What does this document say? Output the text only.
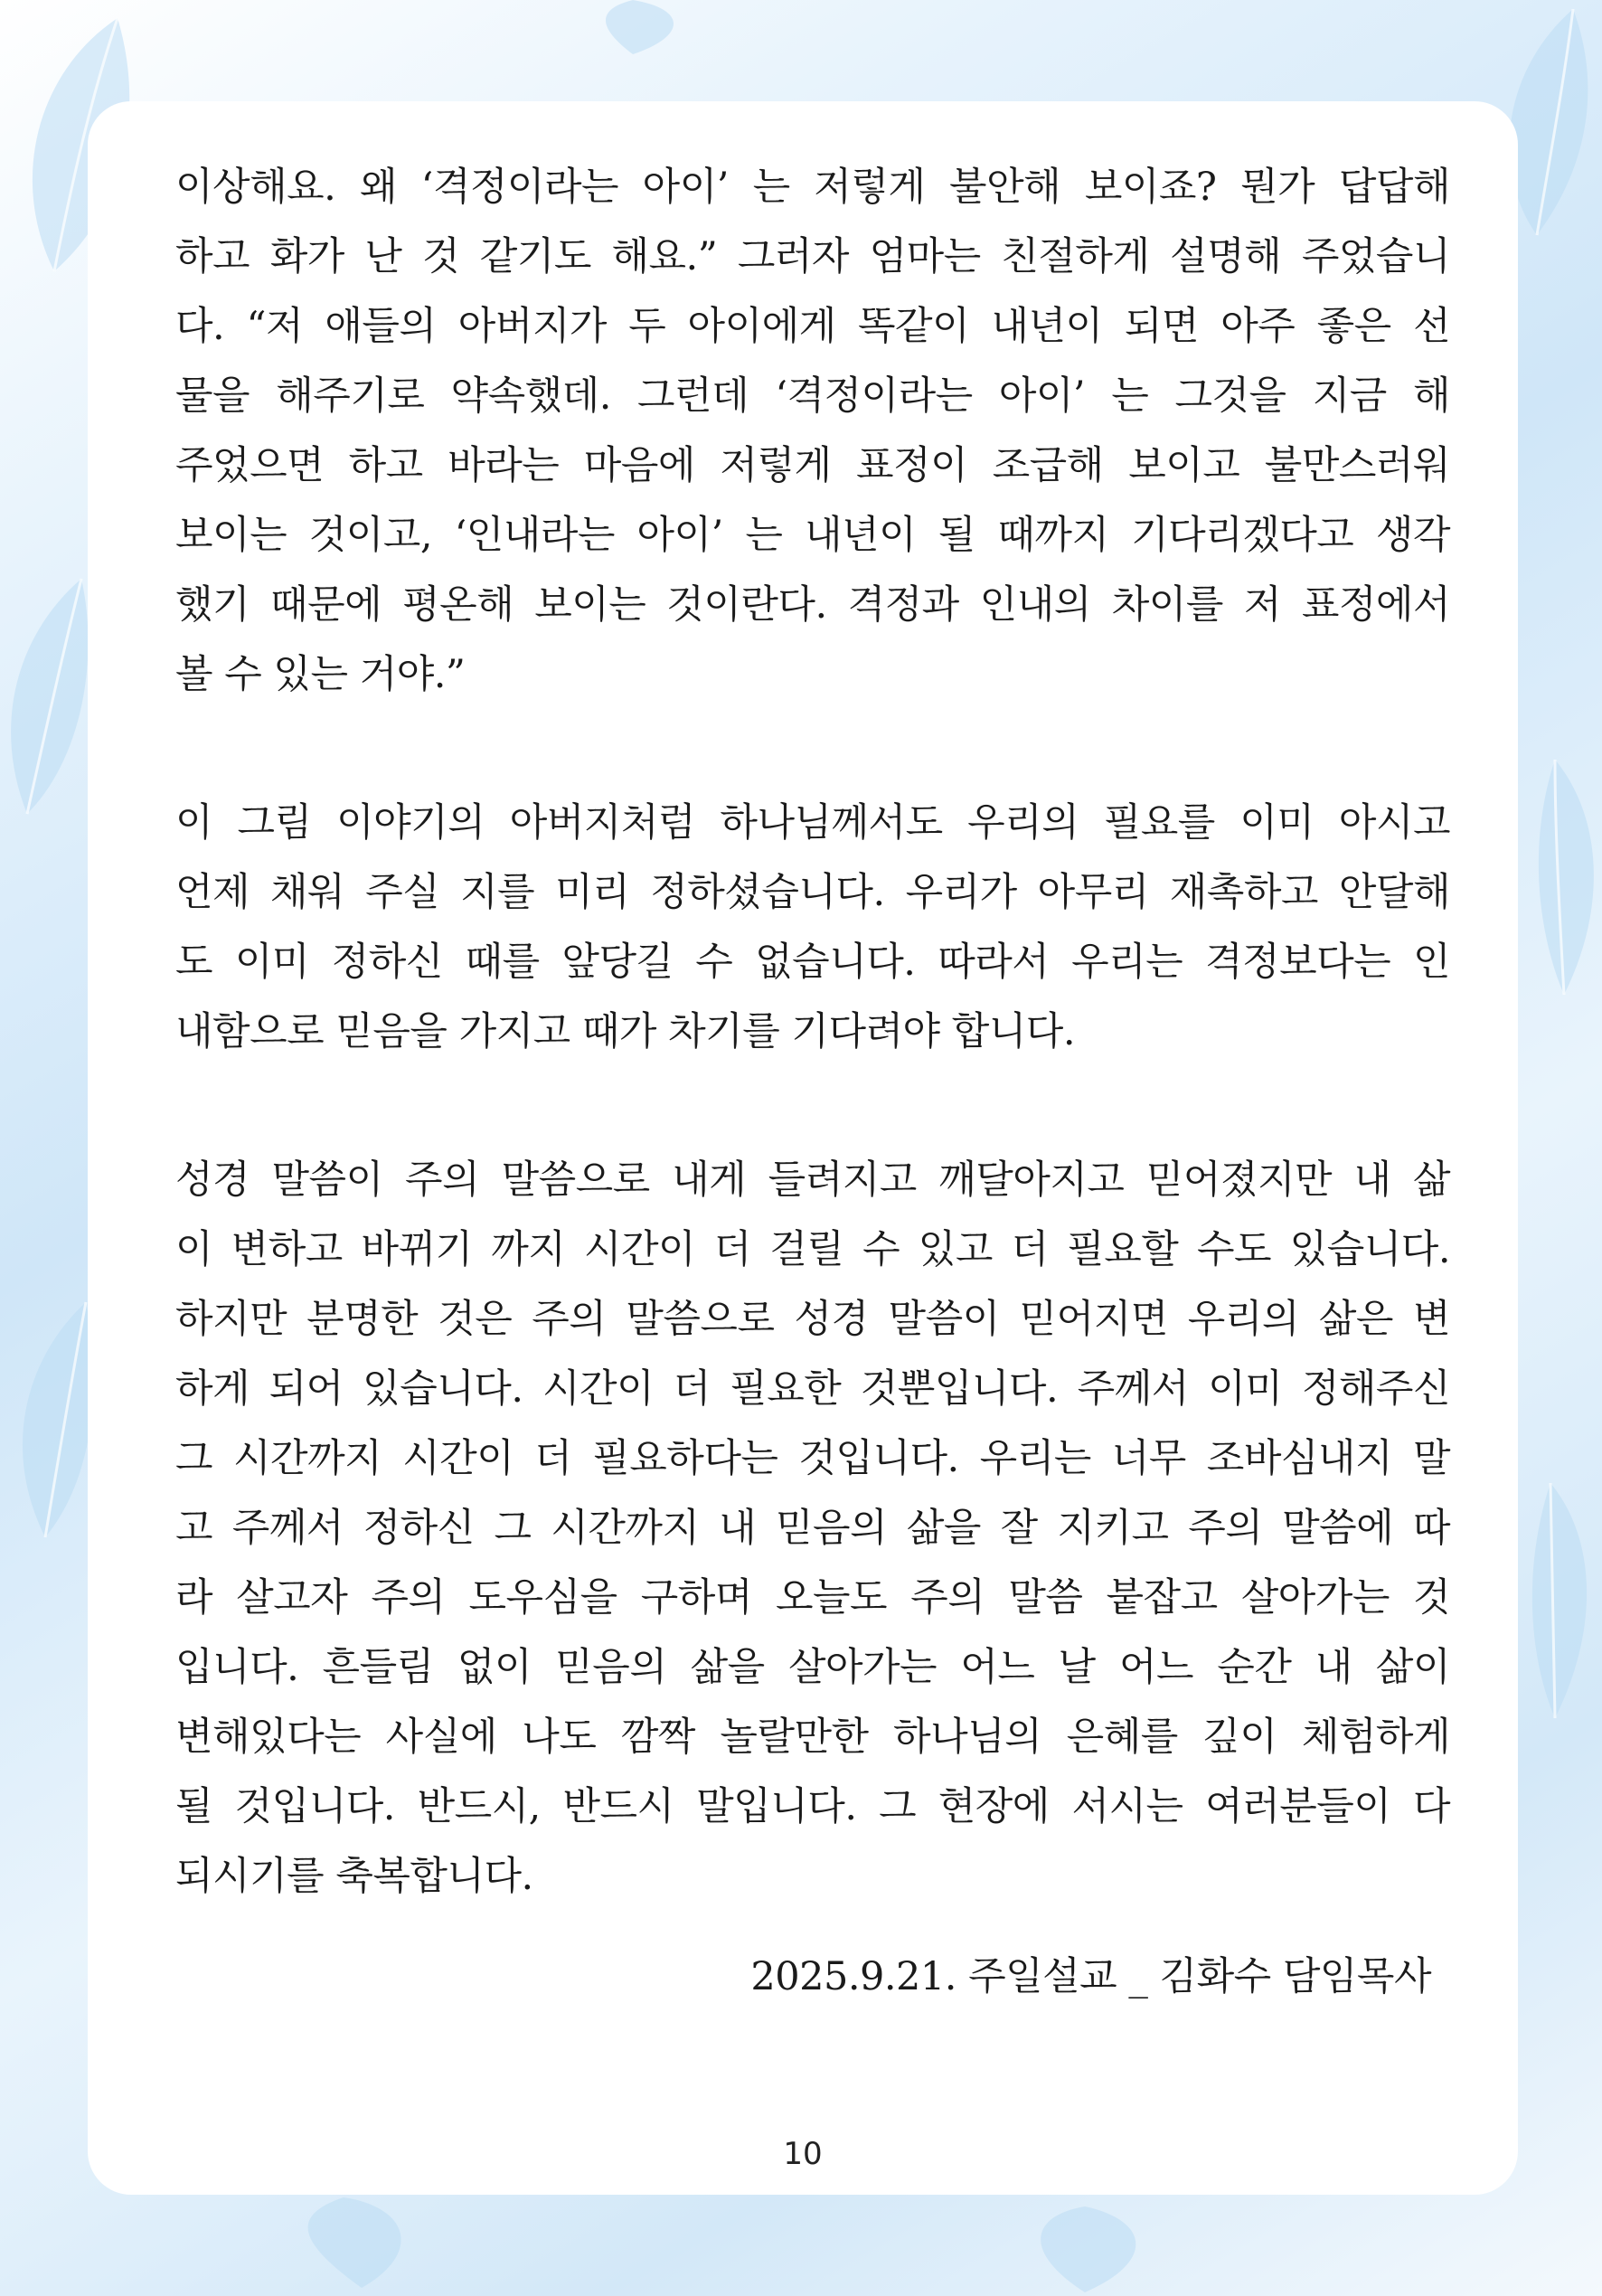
이상해요. 왜 ‘격정이라는 아이’ 는 저렇게 불안해 보이죠? 뭔가 답답해
하고 화가 난 것 같기도 해요.” 그러자 엄마는 친절하게 설명해 주었습니
다. “저 애들의 아버지가 두 아이에게 똑같이 내년이 되면 아주 좋은 선
물을 해주기로 약속했데. 그런데 ‘격정이라는 아이’ 는 그것을 지금 해
주었으면 하고 바라는 마음에 저렇게 표정이 조급해 보이고 불만스러워
보이는 것이고, ‘인내라는 아이’ 는 내년이 될 때까지 기다리겠다고 생각
했기 때문에 평온해 보이는 것이란다. 격정과 인내의 차이를 저 표정에서
볼 수 있는 거야.”
이 그림 이야기의 아버지처럼 하나님께서도 우리의 필요를 이미 아시고
언제 채워 주실 지를 미리 정하셨습니다. 우리가 아무리 재촉하고 안달해
도 이미 정하신 때를 앞당길 수 없습니다. 따라서 우리는 격정보다는 인
내함으로 믿음을 가지고 때가 차기를 기다려야 합니다.
성경 말씀이 주의 말씀으로 내게 들려지고 깨달아지고 믿어졌지만 내 삶
이 변하고 바뀌기 까지 시간이 더 걸릴 수 있고 더 필요할 수도 있습니다.
하지만 분명한 것은 주의 말씀으로 성경 말씀이 믿어지면 우리의 삶은 변
하게 되어 있습니다. 시간이 더 필요한 것뿐입니다. 주께서 이미 정해주신
그 시간까지 시간이 더 필요하다는 것입니다. 우리는 너무 조바심내지 말
고 주께서 정하신 그 시간까지 내 믿음의 삶을 잘 지키고 주의 말씀에 따
라 살고자 주의 도우심을 구하며 오늘도 주의 말씀 붙잡고 살아가는 것
입니다. 흔들림 없이 믿음의 삶을 살아가는 어느 날 어느 순간 내 삶이
변해있다는 사실에 나도 깜짝 놀랄만한 하나님의 은혜를 깊이 체험하게
될 것입니다. 반드시, 반드시 말입니다. 그 현장에 서시는 여러분들이 다
되시기를 축복합니다.
2025.9.21. 주일설교 _ 김화수 담임목사
10
